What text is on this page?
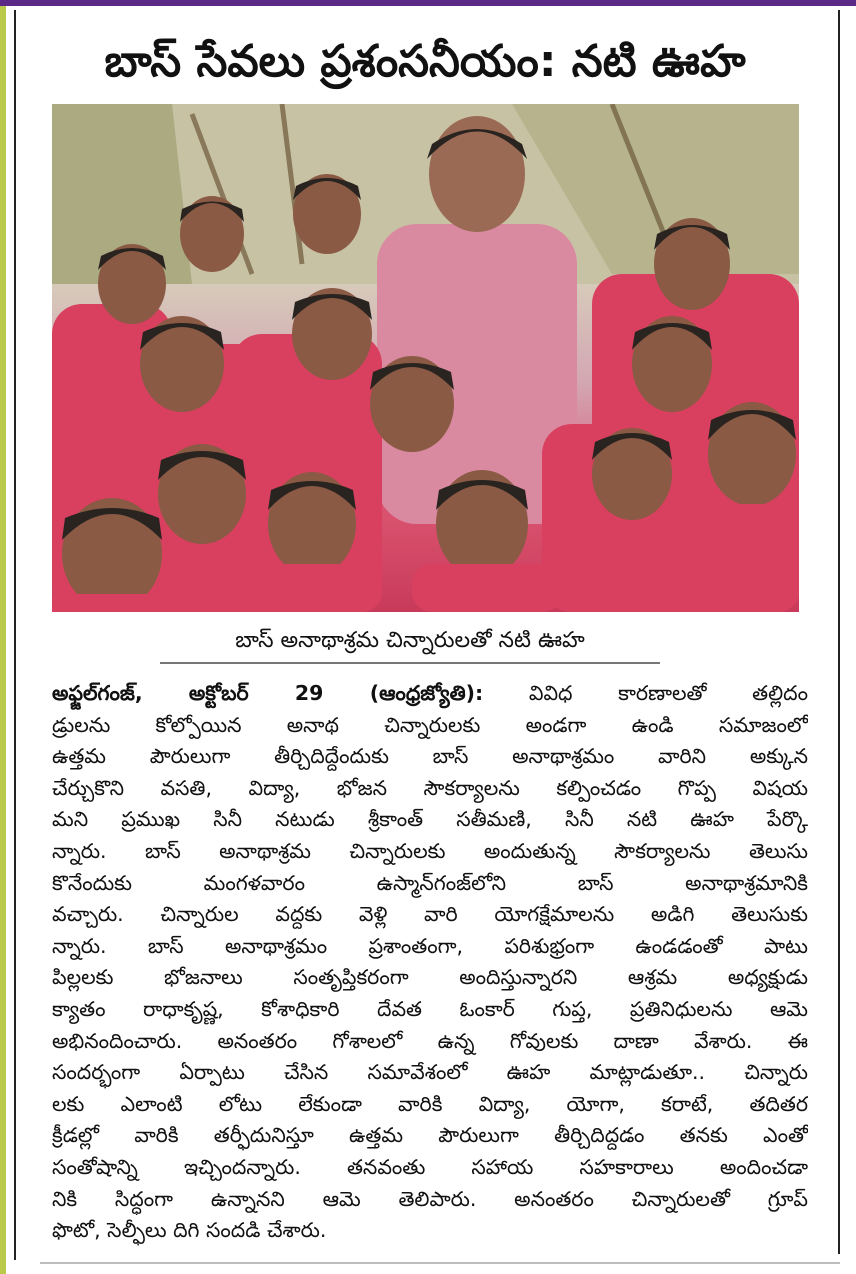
బాస్ సేవలు ప్రశంసనీయం: నటి ఊహ
బాస్ అనాథాశ్రమ చిన్నారులతో నటి ఊహ
అఫ్జల్‌గంజ్, అక్టోబర్ 29 (ఆంధ్రజ్యోతి): వివిధ కారణాలతో తల్లిదం
డ్రులను కోల్పోయిన అనాథ చిన్నారులకు అండగా ఉండి సమాజంలో
ఉత్తమ పౌరులుగా తీర్చిదిద్దేందుకు బాస్ అనాథాశ్రమం వారిని అక్కున
చేర్చుకొని వసతి, విద్యా, భోజన సౌకర్యాలను కల్పించడం గొప్ప విషయ
మని ప్రముఖ సినీ నటుడు శ్రీకాంత్ సతీమణి, సినీ నటి ఊహ పేర్కొ
న్నారు. బాస్ అనాథాశ్రమ చిన్నారులకు అందుతున్న సౌకర్యాలను తెలుసు
కొనేందుకు మంగళవారం ఉస్మాన్‌గంజ్‌లోని బాస్ అనాథాశ్రమానికి
వచ్చారు. చిన్నారుల వద్దకు వెళ్లి వారి యోగక్షేమాలను అడిగి తెలుసుకు
న్నారు. బాస్ అనాథాశ్రమం ప్రశాంతంగా, పరిశుభ్రంగా ఉండడంతో పాటు
పిల్లలకు భోజనాలు సంతృప్తికరంగా అందిస్తున్నారని ఆశ్రమ అధ్యక్షుడు
క్యాతం రాధాకృష్ణ, కోశాధికారి దేవత ఓంకార్ గుప్త, ప్రతినిధులను ఆమె
అభినందించారు. అనంతరం గోశాలలో ఉన్న గోవులకు దాణా వేశారు. ఈ
సందర్భంగా ఏర్పాటు చేసిన సమావేశంలో ఊహ మాట్లాడుతూ.. చిన్నారు
లకు ఎలాంటి లోటు లేకుండా వారికి విద్యా, యోగా, కరాటే, తదితర
క్రీడల్లో వారికి తర్ఫీదునిస్తూ ఉత్తమ పౌరులుగా తీర్చిదిద్దడం తనకు ఎంతో
సంతోషాన్ని ఇచ్చిందన్నారు. తనవంతు సహాయ సహకారాలు అందించడా
నికి సిద్ధంగా ఉన్నానని ఆమె తెలిపారు. అనంతరం చిన్నారులతో గ్రూప్
ఫొటో, సెల్ఫీలు దిగి సందడి చేశారు.
